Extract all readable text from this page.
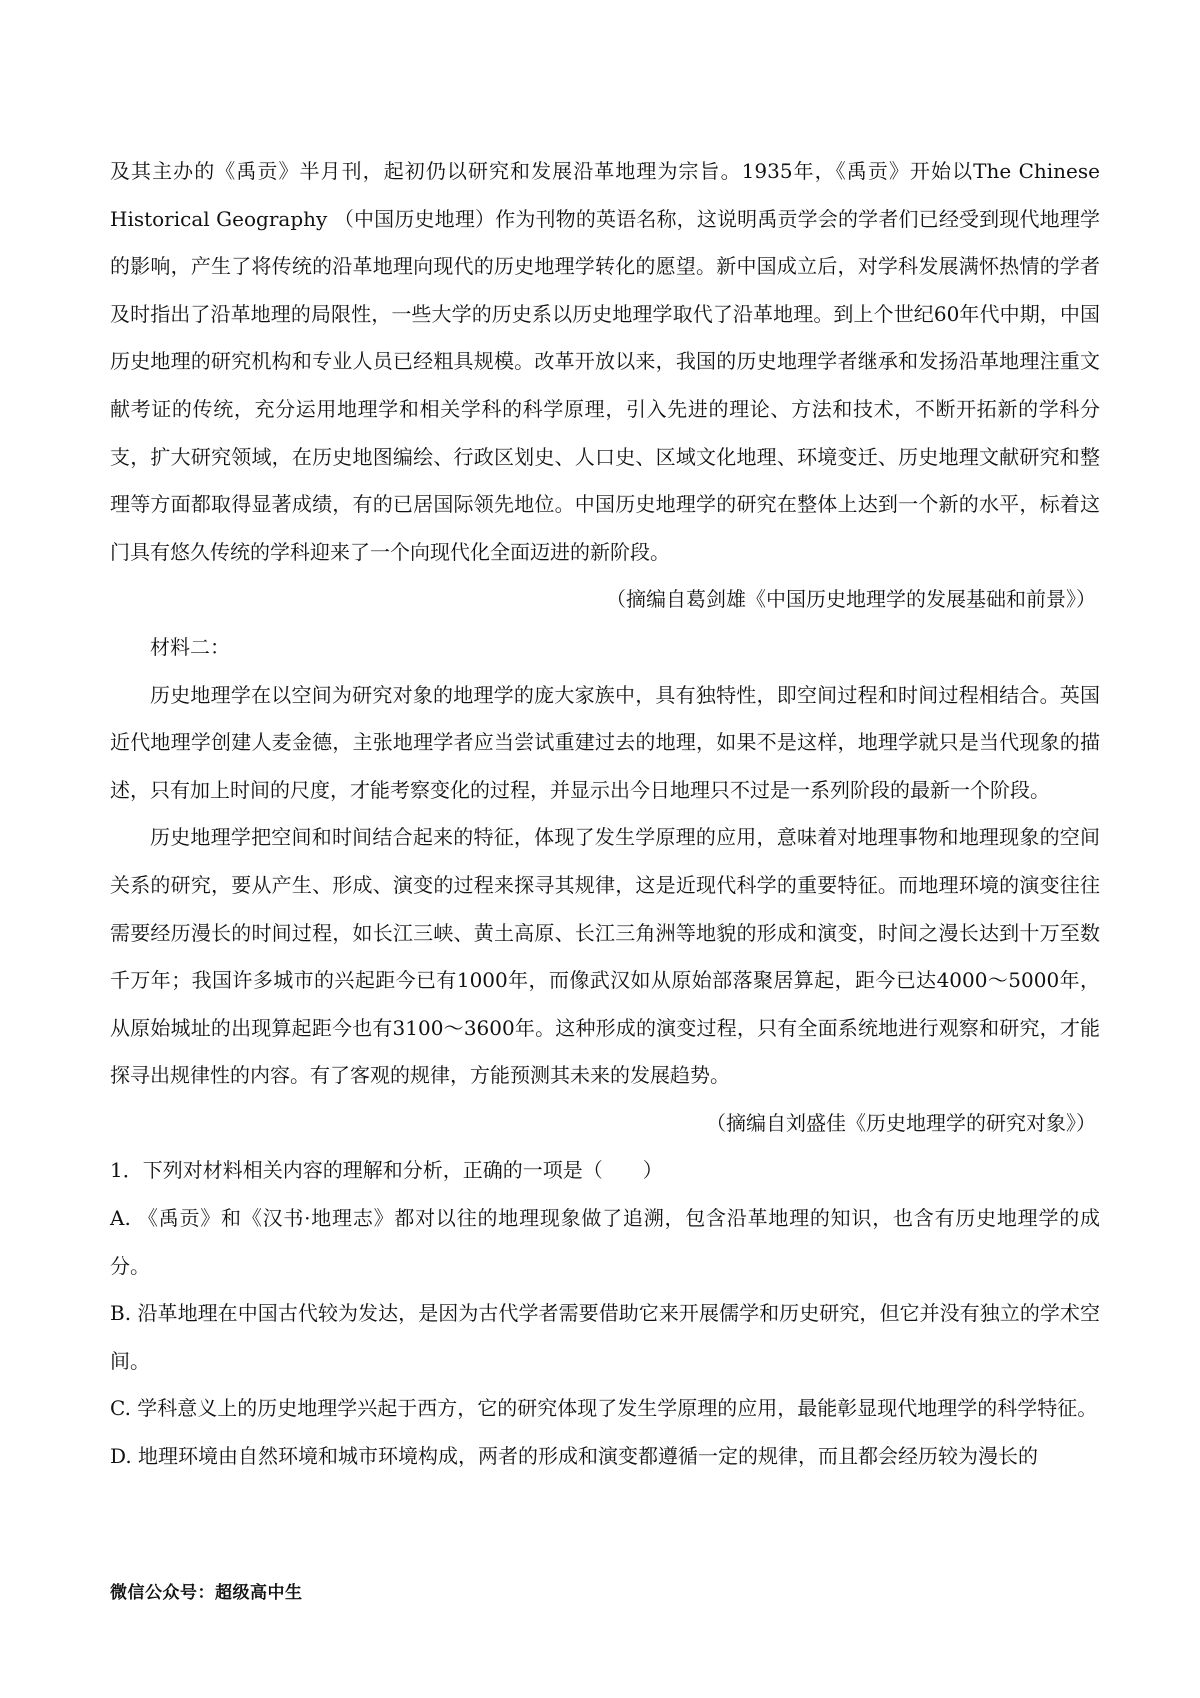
及其主办的《禹贡》半月刊，起初仍以研究和发展沿革地理为宗旨。1935年，《禹贡》开始以The Chinese Historical Geography （中国历史地理）作为刊物的英语名称，这说明禹贡学会的学者们已经受到现代地理学的影响，产生了将传统的沿革地理向现代的历史地理学转化的愿望。新中国成立后，对学科发展满怀热情的学者及时指出了沿革地理的局限性，一些大学的历史系以历史地理学取代了沿革地理。到上个世纪60年代中期，中国历史地理的研究机构和专业人员已经粗具规模。改革开放以来，我国的历史地理学者继承和发扬沿革地理注重文献考证的传统，充分运用地理学和相关学科的科学原理，引入先进的理论、方法和技术，不断开拓新的学科分支，扩大研究领域，在历史地图编绘、行政区划史、人口史、区域文化地理、环境变迁、历史地理文献研究和整理等方面都取得显著成绩，有的已居国际领先地位。中国历史地理学的研究在整体上达到一个新的水平，标着这门具有悠久传统的学科迎来了一个向现代化全面迈进的新阶段。

（摘编自葛剑雄《中国历史地理学的发展基础和前景》）

材料二：

历史地理学在以空间为研究对象的地理学的庞大家族中，具有独特性，即空间过程和时间过程相结合。英国近代地理学创建人麦金德，主张地理学者应当尝试重建过去的地理，如果不是这样，地理学就只是当代现象的描述，只有加上时间的尺度，才能考察变化的过程，并显示出今日地理只不过是一系列阶段的最新一个阶段。

历史地理学把空间和时间结合起来的特征，体现了发生学原理的应用，意味着对地理事物和地理现象的空间关系的研究，要从产生、形成、演变的过程来探寻其规律，这是近现代科学的重要特征。而地理环境的演变往往需要经历漫长的时间过程，如长江三峡、黄土高原、长江三角洲等地貌的形成和演变，时间之漫长达到十万至数千万年；我国许多城市的兴起距今已有1000年，而像武汉如从原始部落聚居算起，距今已达4000～5000年，从原始城址的出现算起距今也有3100～3600年。这种形成的演变过程，只有全面系统地进行观察和研究，才能探寻出规律性的内容。有了客观的规律，方能预测其未来的发展趋势。

（摘编自刘盛佳《历史地理学的研究对象》）

1．下列对材料相关内容的理解和分析，正确的一项是（　　）

A. 《禹贡》和《汉书·地理志》都对以往的地理现象做了追溯，包含沿革地理的知识，也含有历史地理学的成分。

B. 沿革地理在中国古代较为发达，是因为古代学者需要借助它来开展儒学和历史研究，但它并没有独立的学术空间。

C. 学科意义上的历史地理学兴起于西方，它的研究体现了发生学原理的应用，最能彰显现代地理学的科学特征。

D. 地理环境由自然环境和城市环境构成，两者的形成和演变都遵循一定的规律，而且都会经历较为漫长的

微信公众号：超级高中生
